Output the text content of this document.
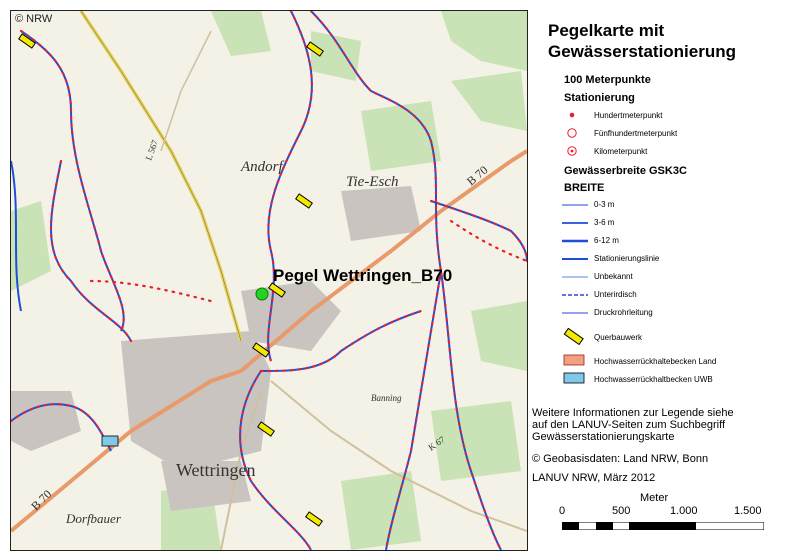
Andorf
Tie-Esch
Wettringen
Dorfbauer
Banning
B 70
B 70
L 567
K 67
© NRW
Pegel Wettringen_B70
Pegelkarte mit
Gewässerstationierung
100 Meterpunkte
Stationierung
Hundertmeterpunkt
Fünfhundertmeterpunkt
Kilometerpunkt
Gewässerbreite GSK3C
BREITE
0-3 m
3-6 m
6-12 m
Stationierungslinie
Unbekannt
Unterirdisch
Druckrohrleitung
Querbauwerk
Hochwasserrückhaltebecken Land
Hochwasserrückhaltbecken UWB
Weitere Informationen zur Legende siehe
auf den LANUV-Seiten zum Suchbegriff
Gewässerstationierungskarte
© Geobasisdaten: Land NRW, Bonn
LANUV NRW, März 2012
Meter
0	500	1.000	1.500
